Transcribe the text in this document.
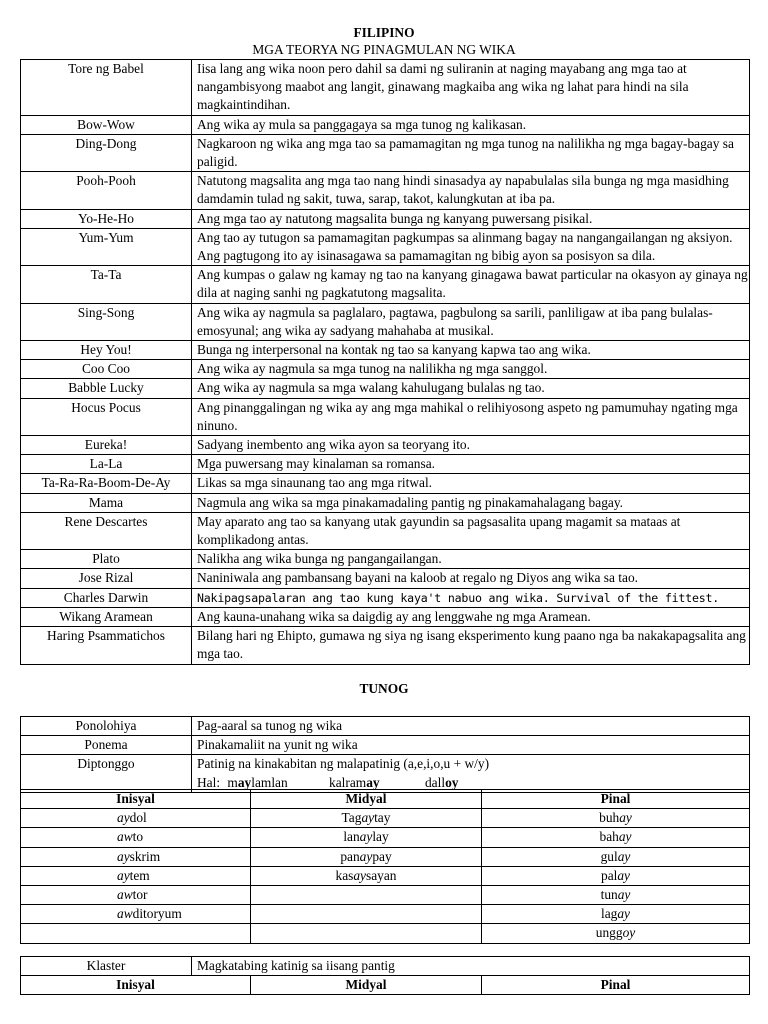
FILIPINO
MGA TEORYA NG PINAGMULAN NG WIKA
Tore ng Babel	Iisa lang ang wika noon pero dahil sa dami ng suliranin at naging mayabang ang mga tao at nangambisyong maabot ang langit, ginawang magkaiba ang wika ng lahat para hindi na sila magkaintindihan.
Bow-Wow	Ang wika ay mula sa panggagaya sa mga tunog ng kalikasan.
Ding-Dong	Nagkaroon ng wika ang mga tao sa pamamagitan ng mga tunog na nalilikha ng mga bagay-bagay sa paligid.
Pooh-Pooh	Natutong magsalita ang mga tao nang hindi sinasadya ay napabulalas sila bunga ng mga masidhing damdamin tulad ng sakit, tuwa, sarap, takot, kalungkutan at iba pa.
Yo-He-Ho	Ang mga tao ay natutong magsalita bunga ng kanyang puwersang pisikal.
Yum-Yum	Ang tao ay tutugon sa pamamagitan pagkumpas sa alinmang bagay na nangangailangan ng aksiyon. Ang pagtugong ito ay isinasagawa sa pamamagitan ng bibig ayon sa posisyon sa dila.
Ta-Ta	Ang kumpas o galaw ng kamay ng tao na kanyang ginagawa bawat particular na okasyon ay ginaya ng dila at naging sanhi ng pagkatutong magsalita.
Sing-Song	Ang wika ay nagmula sa paglalaro, pagtawa, pagbulong sa sarili, panliligaw at iba pang bulalas-emosyunal; ang wika ay sadyang mahahaba at musikal.
Hey You!	Bunga ng interpersonal na kontak ng tao sa kanyang kapwa tao ang wika.
Coo Coo	Ang wika ay nagmula sa mga tunog na nalilikha ng mga sanggol.
Babble Lucky	Ang wika ay nagmula sa mga walang kahulugang bulalas ng tao.
Hocus Pocus	Ang pinanggalingan ng wika ay ang mga mahikal o relihiyosong aspeto ng pamumuhay ngating mga ninuno.
Eureka!	Sadyang inembento ang wika ayon sa teoryang ito.
La-La	Mga puwersang may kinalaman sa romansa.
Ta-Ra-Ra-Boom-De-Ay	Likas sa mga sinaunang tao ang mga ritwal.
Mama	Nagmula ang wika sa mga pinakamadaling pantig ng pinakamahalagang bagay.
Rene Descartes	May aparato ang tao sa kanyang utak gayundin sa pagsasalita upang magamit sa mataas at komplikadong antas.
Plato	Nalikha ang wika bunga ng pangangailangan.
Jose Rizal	Naniniwala ang pambansang bayani na kaloob at regalo ng Diyos ang wika sa tao.
Charles Darwin	Nakipagsapalaran ang tao kung kaya't nabuo ang wika. Survival of the fittest.
Wikang Aramean	Ang kauna-unahang wika sa daigdig ay ang lenggwahe ng mga Aramean.
Haring Psammatichos	Bilang hari ng Ehipto, gumawa ng siya ng isang eksperimento kung paano nga ba nakakapagsalita ang mga tao.
TUNOG
Ponolohiya	Pag-aaral sa tunog ng wika
Ponema	Pinakamaliit na yunit ng wika
Diptonggo	Patinig na kinakabitan ng malapatinig (a,e,i,o,u + w/y)
Hal: maylamlan kalramay dalloy
Inisyal	Midyal	Pinal
aydol	Tagaytay	buhay
awto	lanaylay	bahay
ayskrim	panaypay	gulay
aytem	kasaysayan	palay
awtor		tunay
awditoryum		lagay
		unggoy
Klaster	Magkatabing katinig sa iisang pantig
Inisyal	Midyal	Pinal
